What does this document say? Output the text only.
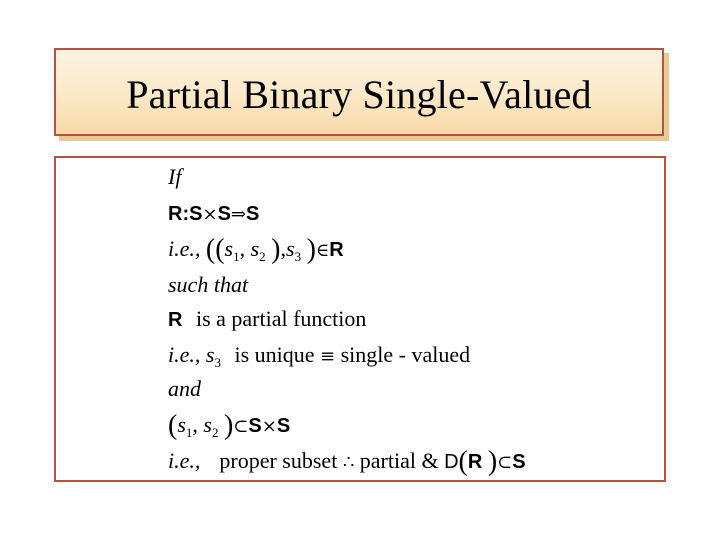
Partial Binary Single-Valued
If
R:S×S⇒S
i.e., (($s_1$, $s_2$ )$,s_3$ )∈R
such that
R is a partial function
i.e., $s_3$ is unique ≡ single - valued
and
($s_1$, $s_2$ )⊂S×S
i.e., proper subset ∴ partial & D(R )⊂S
